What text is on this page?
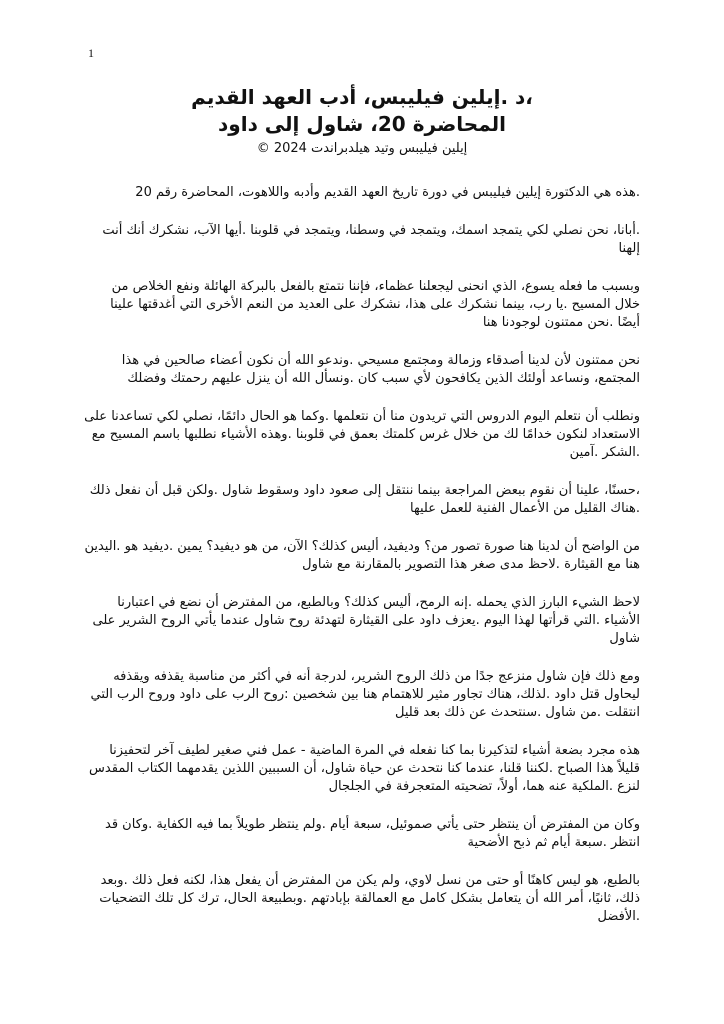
1
،د .إيلين فيليبس، أدب العهد القديم
المحاضرة 20، شاول إلى داود
إيلين فيليبس وتيد هيلدبراندت 2024 ©

.هذه هي الدكتورة إيلين فيليبس في دورة تاريخ العهد القديم وأدبه واللاهوت، المحاضرة رقم 20

.أبانا، نحن نصلي لكي يتمجد اسمك، ويتمجد في وسطنا، ويتمجد في قلوبنا .أيها الآب، نشكرك أنك أنت إلهنا

وبسبب ما فعله يسوع، الذي انحنى ليجعلنا عظماء، فإننا نتمتع بالفعل بالبركة الهائلة ونفع الخلاص من خلال المسيح .يا رب، بينما نشكرك على هذا، نشكرك على العديد من النعم الأخرى التي أغدقتها علينا أيضًا .نحن ممتنون لوجودنا هنا

نحن ممتنون لأن لدينا أصدقاء وزمالة ومجتمع مسيحي .وندعو الله أن نكون أعضاء صالحين في هذا المجتمع، ونساعد أولئك الذين يكافحون لأي سبب كان .ونسأل الله أن ينزل عليهم رحمتك وفضلك

ونطلب أن نتعلم اليوم الدروس التي تريدون منا أن نتعلمها .وكما هو الحال دائمًا، نصلي لكي تساعدنا على الاستعداد لنكون خدامًا لك من خلال غرس كلمتك بعمق في قلوبنا .وهذه الأشياء نطلبها باسم المسيح مع .الشكر .آمين

،حسنًا، علينا أن نقوم ببعض المراجعة بينما ننتقل إلى صعود داود وسقوط شاول .ولكن قبل أن نفعل ذلك .هناك القليل من الأعمال الفنية للعمل عليها

من الواضح أن لدينا هنا صورة تصور من؟ وديفيد، أليس كذلك؟ الآن، من هو ديفيد؟ يمين .ديفيد هو .اليدين هنا مع القيثارة .لاحظ مدى صغر هذا التصوير بالمقارنة مع شاول

لاحظ الشيء البارز الذي يحمله .إنه الرمح، أليس كذلك؟ وبالطبع، من المفترض أن نضع في اعتبارنا الأشياء .التي قرأتها لهذا اليوم .يعزف داود على القيثارة لتهدئة روح شاول عندما يأتي الروح الشرير على شاول

ومع ذلك فإن شاول منزعج جدًا من ذلك الروح الشرير، لدرجة أنه في أكثر من مناسبة يقذفه ويقذفه ليحاول قتل داود .لذلك، هناك تجاور مثير للاهتمام هنا بين شخصين :روح الرب على داود وروح الرب التي انتقلت .من شاول .سنتحدث عن ذلك بعد قليل

هذه مجرد بضعة أشياء لتذكيرنا بما كنا نفعله في المرة الماضية - عمل فني صغير لطيف آخر لتحفيزنا قليلاً هذا الصباح .لكننا قلنا، عندما كنا نتحدث عن حياة شاول، أن السببين اللذين يقدمهما الكتاب المقدس لنزع .الملكية عنه هما، أولاً، تضحيته المتعجرفة في الجلجال

وكان من المفترض أن ينتظر حتى يأتي صموئيل، سبعة أيام .ولم ينتظر طويلاً بما فيه الكفاية .وكان قد انتظر .سبعة أيام ثم ذبح الأضحية

بالطبع، هو ليس كاهنًا أو حتى من نسل لاوي، ولم يكن من المفترض أن يفعل هذا، لكنه فعل ذلك .وبعد ذلك، ثانيًا، أمر الله أن يتعامل بشكل كامل مع العمالقة بإبادتهم .وبطبيعة الحال، ترك كل تلك التضحيات .الأفضل
